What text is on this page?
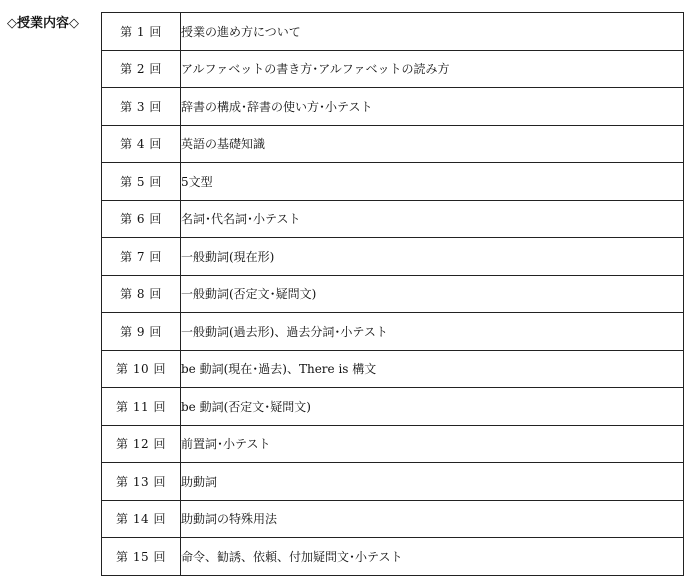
◇授業内容◇
第 1 回	授業の進め方について
第 2 回	アルファベットの書き方･アルファベットの読み方
第 3 回	辞書の構成･辞書の使い方･小テスト
第 4 回	英語の基礎知識
第 5 回	5文型
第 6 回	名詞･代名詞･小テスト
第 7 回	一般動詞(現在形)
第 8 回	一般動詞(否定文･疑問文)
第 9 回	一般動詞(過去形)、過去分詞･小テスト
第 10 回	be 動詞(現在･過去)、There is 構文
第 11 回	be 動詞(否定文･疑問文)
第 12 回	前置詞･小テスト
第 13 回	助動詞
第 14 回	助動詞の特殊用法
第 15 回	命令、勧誘、依頼、付加疑問文･小テスト
